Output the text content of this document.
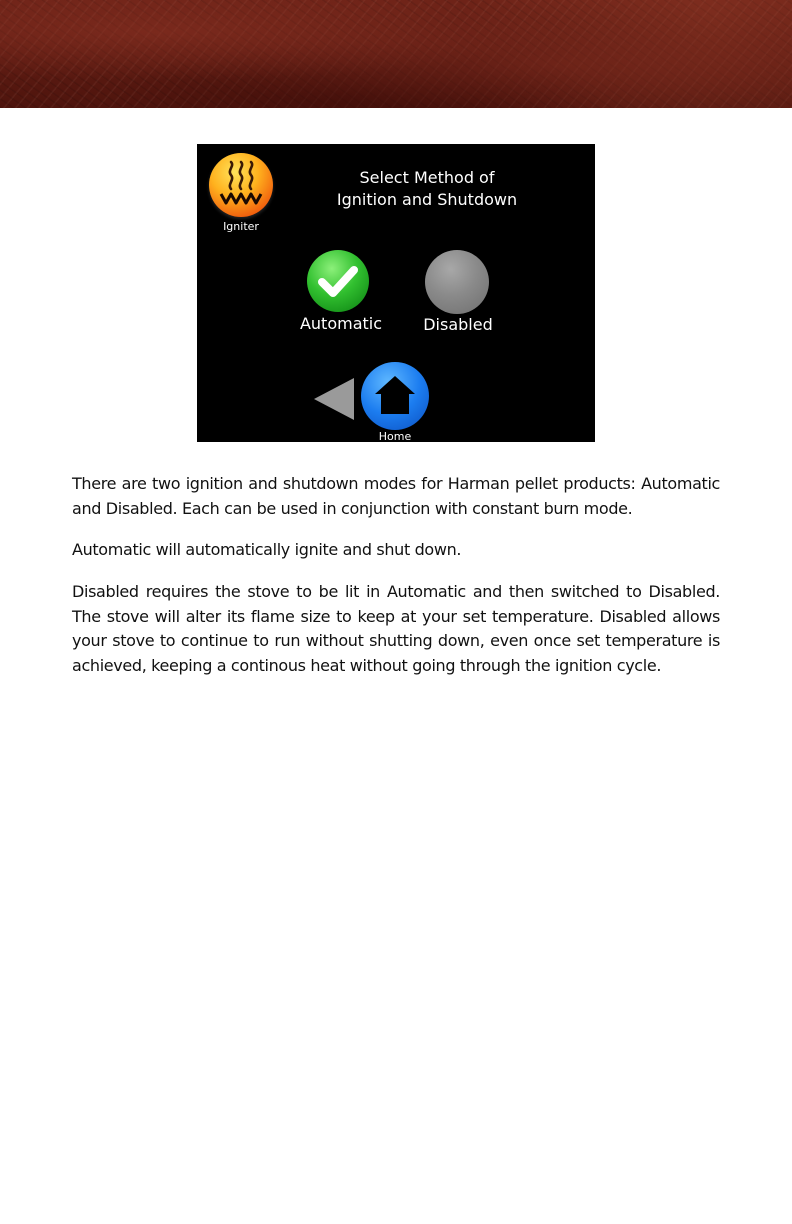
Igniter
Select Method of
Ignition and Shutdown
Automatic	Disabled
Home

There are two ignition and shutdown modes for Harman pellet products: Automatic and Disabled. Each can be used in conjunction with constant burn mode.

Automatic will automatically ignite and shut down.

Disabled requires the stove to be lit in Automatic and then switched to Disabled. The stove will alter its flame size to keep at your set temperature. Disabled allows your stove to continue to run without shutting down, even once set temperature is achieved, keeping a continous heat without going through the ignition cycle.
